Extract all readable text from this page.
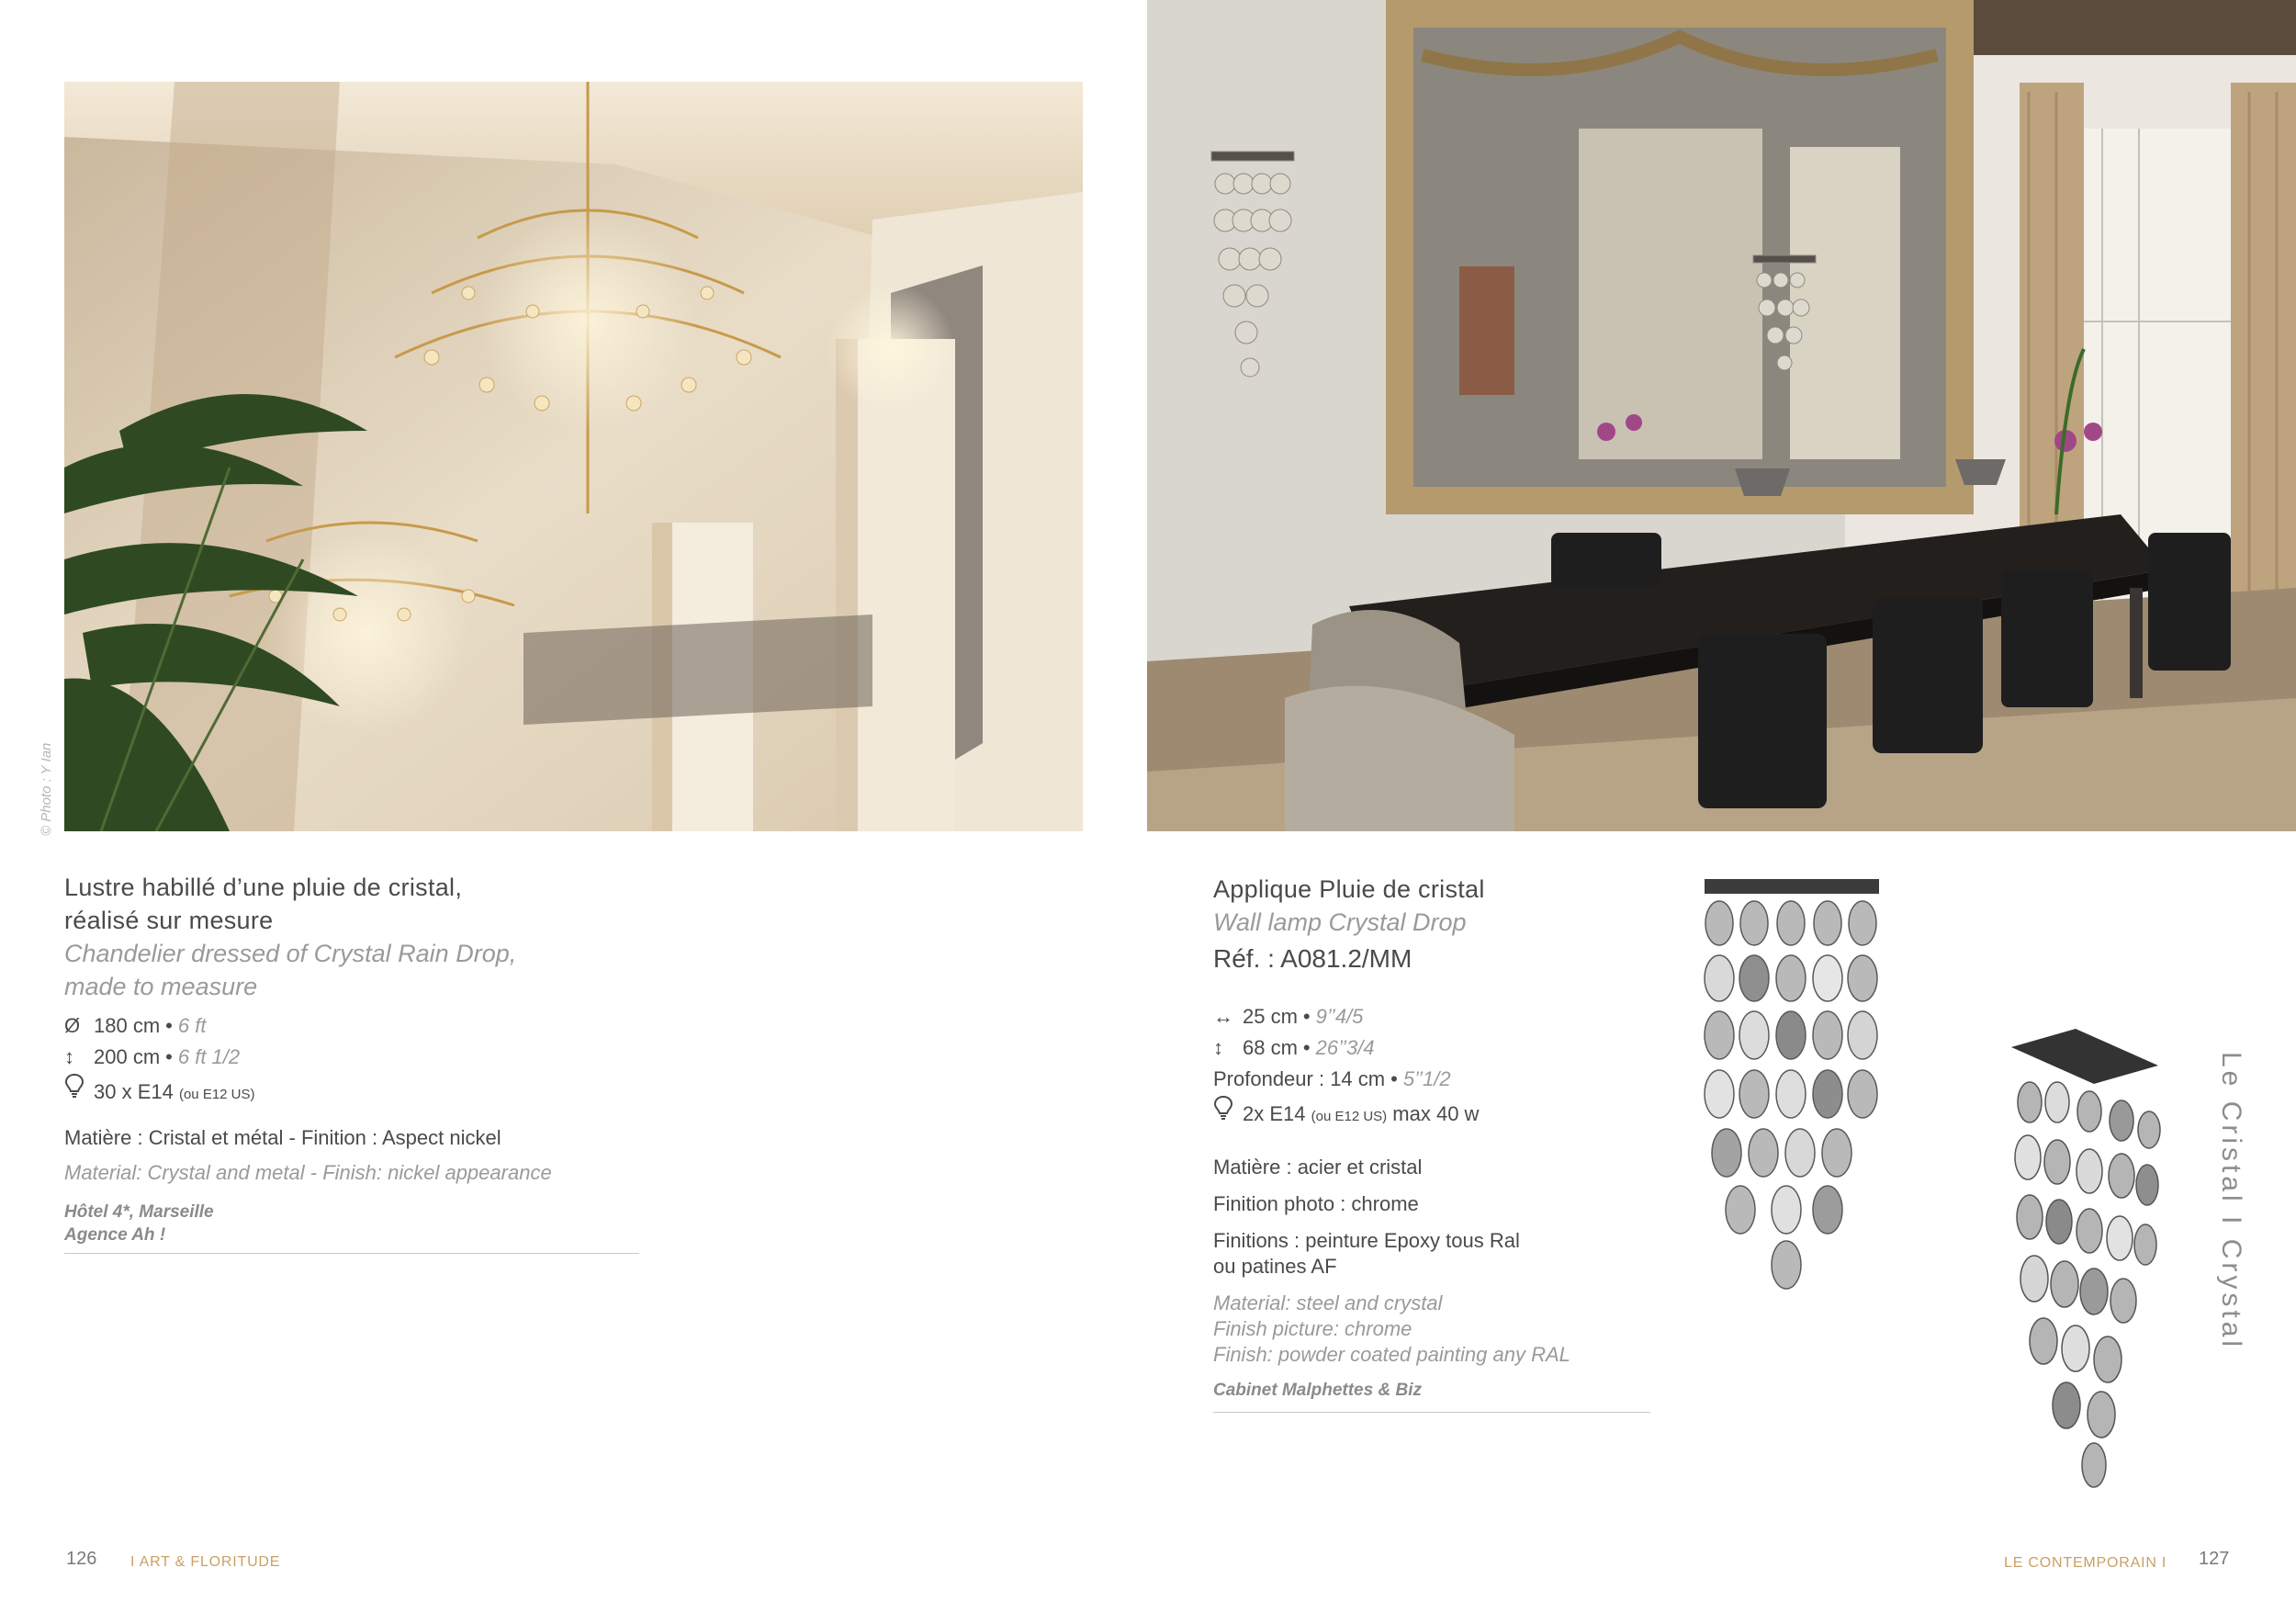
© Photo : Y Ian
Lustre habillé d’une pluie de cristal,
réalisé sur mesure
Chandelier dressed of Crystal Rain Drop,
made to measure
Ø 180 cm • 6 ft
↕ 200 cm • 6 ft 1/2
30 x E14 (ou E12 US)
Matière : Cristal et métal - Finition : Aspect nickel
Material: Crystal and metal - Finish: nickel appearance
Hôtel 4*, Marseille
Agence Ah !
Applique Pluie de cristal
Wall lamp Crystal Drop
Réf. : A081.2/MM
↔ 25 cm • 9’’4/5
↕ 68 cm • 26’’3/4
Profondeur : 14 cm • 5’’1/2
2x E14 (ou E12 US) max 40 w
Matière : acier et cristal
Finition photo : chrome
Finitions : peinture Epoxy tous Ral
ou patines AF
Material: steel and crystal
Finish picture: chrome
Finish: powder coated painting any RAL
Cabinet Malphettes & Biz
Le Cristal I Crystal
126 I ART & FLORITUDE	LE CONTEMPORAIN I 127
